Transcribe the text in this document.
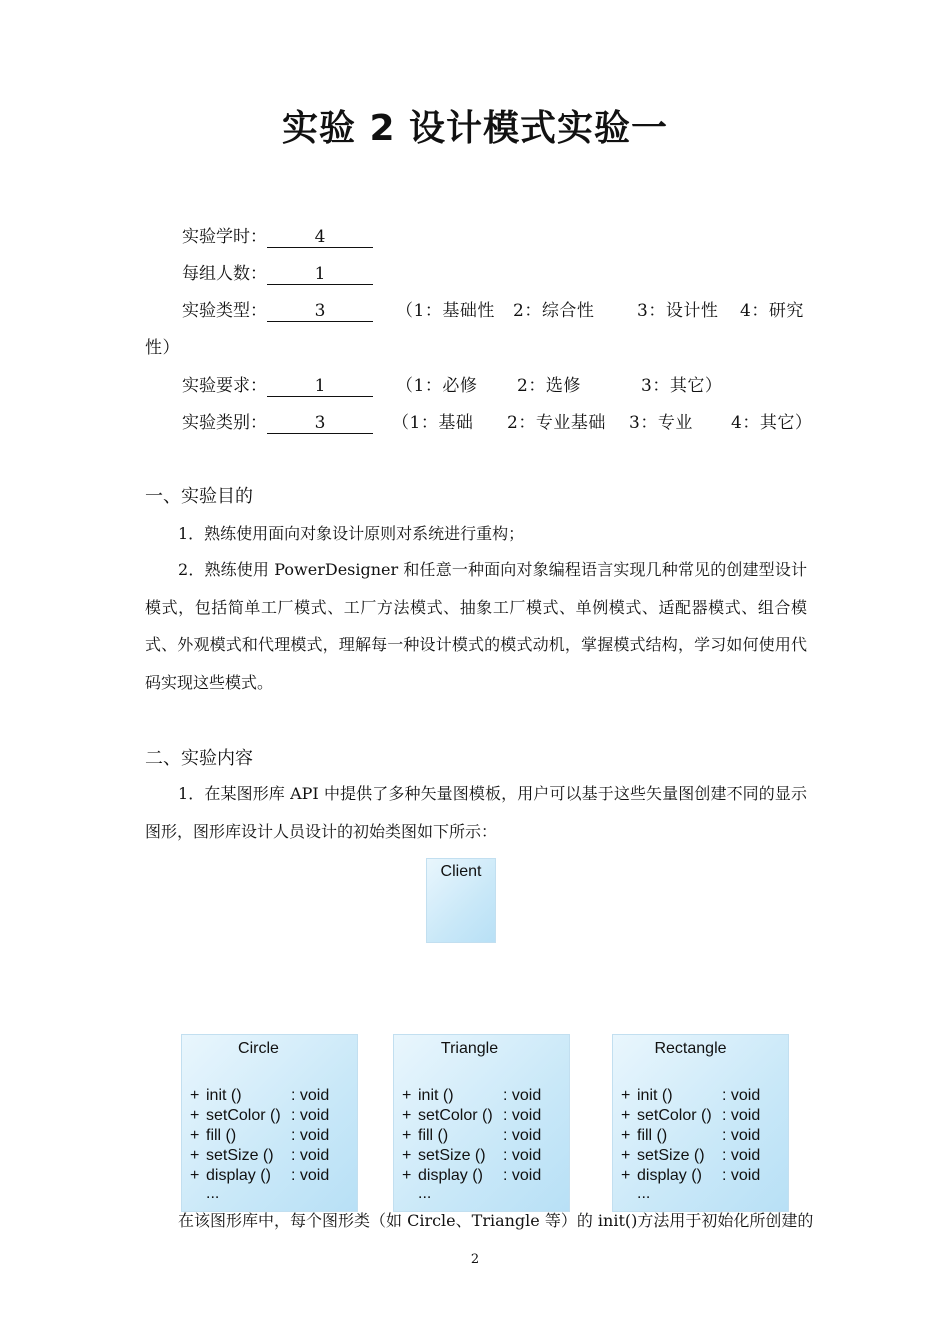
实验 2 设计模式实验一
实验学时：	4
每组人数：	1
实验类型：	3	（1：基础性 2：综合性	3：设计性 4：研究
性）
实验要求：	1	（1：必修 2：选修	3：其它）
实验类别：	3	（1：基础 2：专业基础 3：专业 4：其它）
一、实验目的
1．熟练使用面向对象设计原则对系统进行重构；
2．熟练使用 PowerDesigner 和任意一种面向对象编程语言实现几种常见的创建型设计模式，包括简单工厂模式、工厂方法模式、抽象工厂模式、单例模式、适配器模式、组合模式、外观模式和代理模式，理解每一种设计模式的模式动机，掌握模式结构，学习如何使用代码实现这些模式。
二、实验内容
1．在某图形库 API 中提供了多种矢量图模板，用户可以基于这些矢量图创建不同的显示图形，图形库设计人员设计的初始类图如下所示：
Client
Circle
+ init ()	: void
+ setColor () : void
+ fill ()	: void
+ setSize () : void
+ display () : void
...
Triangle
+ init ()	: void
+ setColor () : void
+ fill ()	: void
+ setSize () : void
+ display () : void
...
Rectangle
+ init ()	: void
+ setColor () : void
+ fill ()	: void
+ setSize () : void
+ display () : void
...
在该图形库中，每个图形类（如 Circle、Triangle 等）的 init()方法用于初始化所创建的
2
